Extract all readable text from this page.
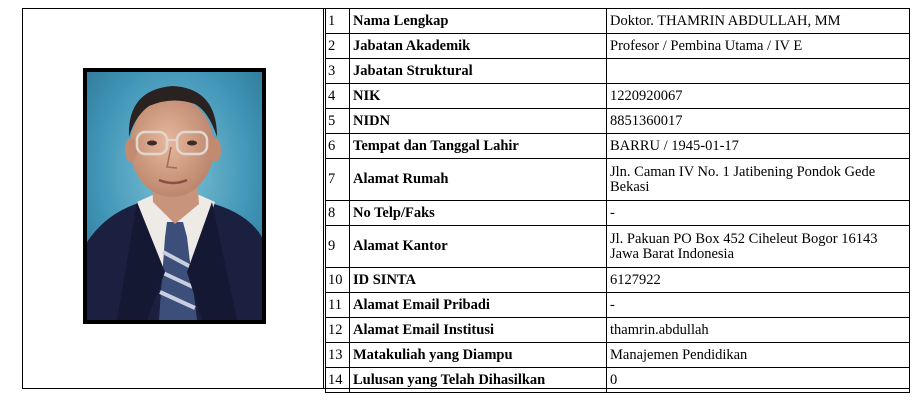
1	Nama Lengkap	Doktor. THAMRIN ABDULLAH, MM
2	Jabatan Akademik	Profesor / Pembina Utama / IV E
3	Jabatan Struktural	
4	NIK	1220920067
5	NIDN	8851360017
6	Tempat dan Tanggal Lahir	BARRU / 1945-01-17
7	Alamat Rumah	Jln. Caman IV No. 1 Jatibening Pondok Gede Bekasi
8	No Telp/Faks	-
9	Alamat Kantor	Jl. Pakuan PO Box 452 Ciheleut Bogor 16143 Jawa Barat Indonesia
10	ID SINTA	6127922
11	Alamat Email Pribadi	-
12	Alamat Email Institusi	thamrin.abdullah
13	Matakuliah yang Diampu	Manajemen Pendidikan
14	Lulusan yang Telah Dihasilkan	0
